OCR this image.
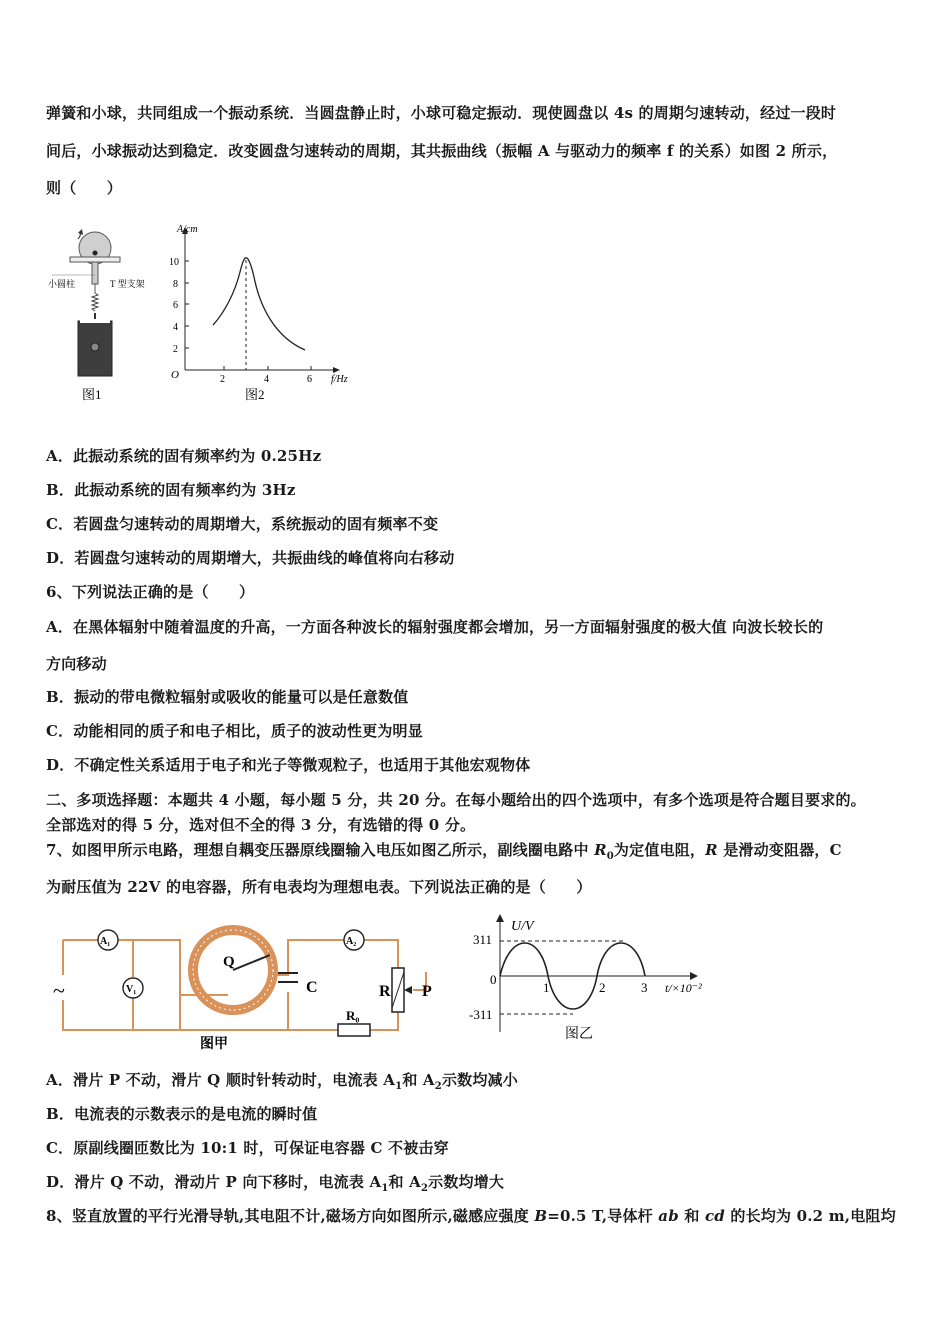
弹簧和小球，共同组成一个振动系统．当圆盘静止时，小球可稳定振动．现使圆盘以 4s 的周期匀速转动，经过一段时
间后，小球振动达到稳定．改变圆盘匀速转动的周期，其共振曲线（振幅 A 与驱动力的频率 f 的关系）如图 2 所示，
则（　　）
小圆柱	T 型支架
图1
A/cm
f/Hz
O
10
8
6
4
2
2	4	6
图2
A．此振动系统的固有频率约为 0.25Hz
B．此振动系统的固有频率约为 3Hz
C．若圆盘匀速转动的周期增大，系统振动的固有频率不变
D．若圆盘匀速转动的周期增大，共振曲线的峰值将向右移动
6、下列说法正确的是（　　）
A．在黑体辐射中随着温度的升高，一方面各种波长的辐射强度都会增加，另一方面辐射强度的极大值 向波长较长的
方向移动
B．振动的带电微粒辐射或吸收的能量可以是任意数值
C．动能相同的质子和电子相比，质子的波动性更为明显
D．不确定性关系适用于电子和光子等微观粒子，也适用于其他宏观物体
二、多项选择题：本题共 4 小题，每小题 5 分，共 20 分。在每小题给出的四个选项中，有多个选项是符合题目要求的。
全部选对的得 5 分，选对但不全的得 3 分，有选错的得 0 分。
7、如图甲所示电路，理想自耦变压器原线圈输入电压如图乙所示，副线圈电路中 $R_0$为定值电阻，R 是滑动变阻器，C
为耐压值为 22V 的电容器，所有电表均为理想电表。下列说法正确的是（　　）
~
A₁
V₁
Q
A₂
C	R P
R₀
图甲
U/V
t/×10⁻²
311
-311
0
1	2	3
图乙
A．滑片 P 不动，滑片 Q 顺时针转动时，电流表 $A_1$和 $A_2$示数均减小
B．电流表的示数表示的是电流的瞬时值
C．原副线圈匝数比为 10:1 时，可保证电容器 C 不被击穿
D．滑片 Q 不动，滑动片 P 向下移时，电流表 $A_1$和 $A_2$示数均增大
8、竖直放置的平行光滑导轨,其电阻不计,磁场方向如图所示,磁感应强度 B=0.5 T,导体杆 ab 和 cd 的长均为 0.2 m,电阻均
